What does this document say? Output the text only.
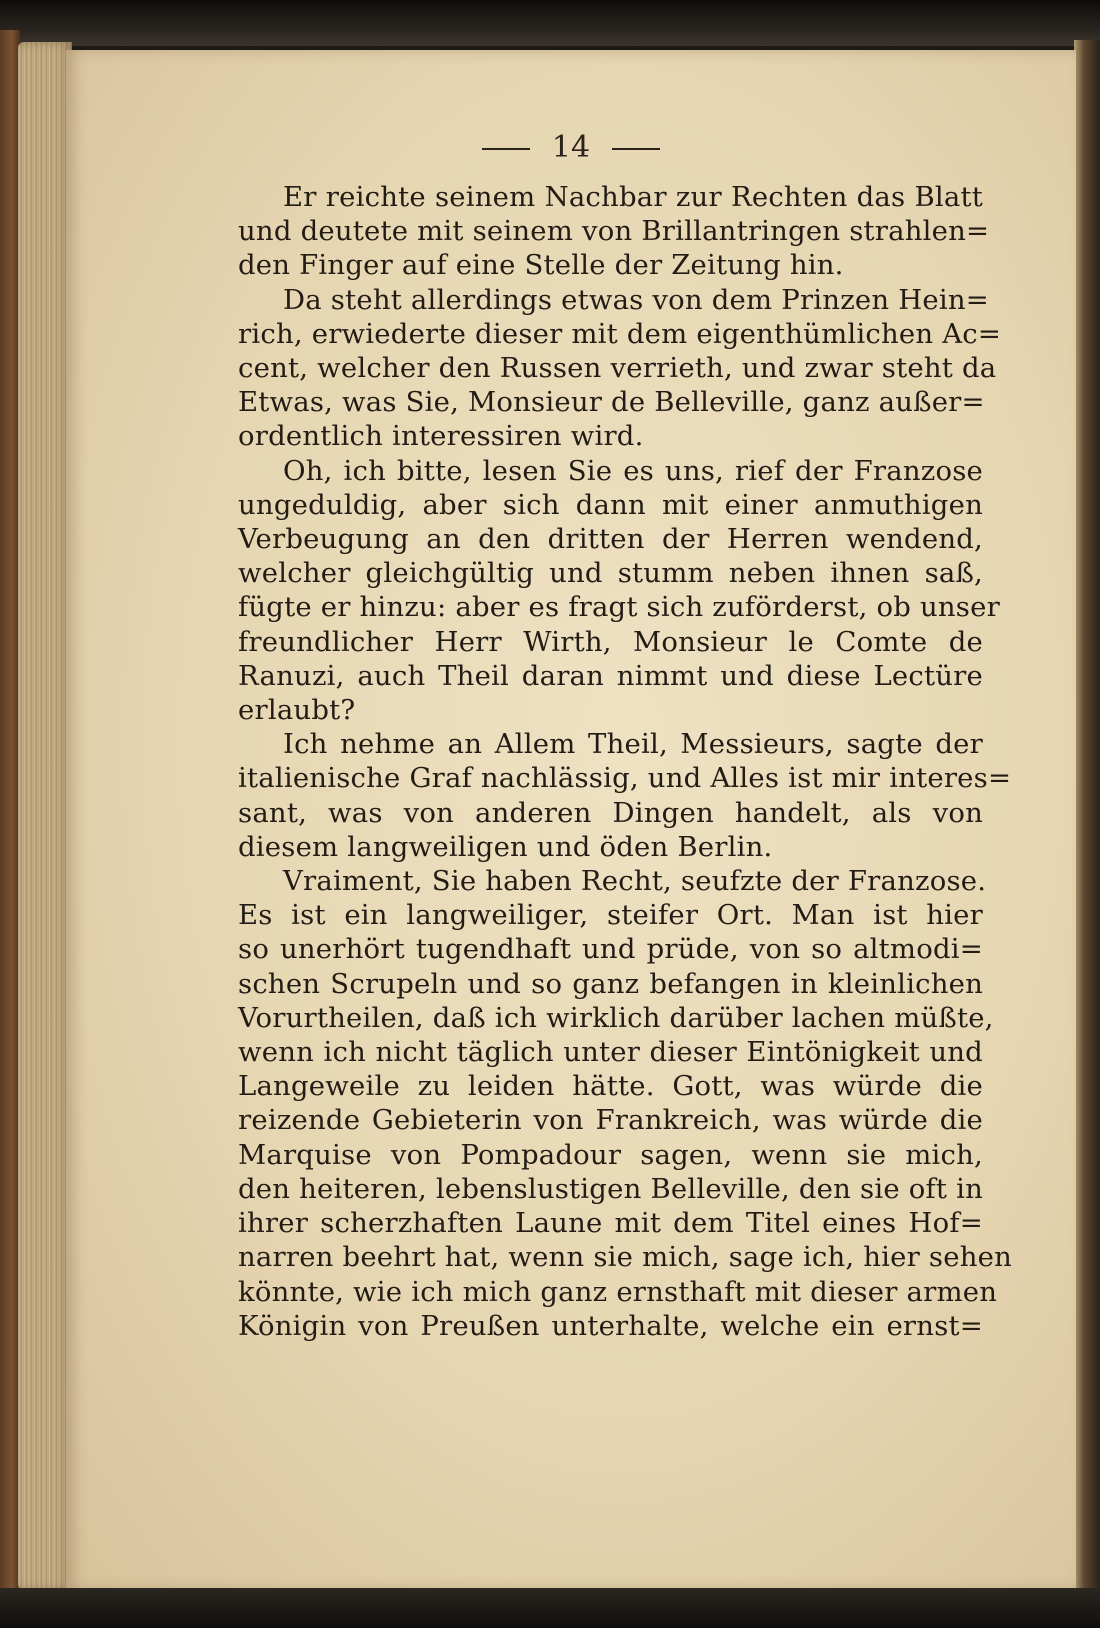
14
Er reichte seinem Nachbar zur Rechten das Blatt
und deutete mit seinem von Brillantringen strahlen=
den Finger auf eine Stelle der Zeitung hin.
Da steht allerdings etwas von dem Prinzen Hein=
rich, erwiederte dieser mit dem eigenthümlichen Ac=
cent, welcher den Russen verrieth, und zwar steht da
Etwas, was Sie, Monsieur de Belleville, ganz außer=
ordentlich interessiren wird.
Oh, ich bitte, lesen Sie es uns, rief der Franzose
ungeduldig, aber sich dann mit einer anmuthigen
Verbeugung an den dritten der Herren wendend,
welcher gleichgültig und stumm neben ihnen saß,
fügte er hinzu: aber es fragt sich zuförderst, ob unser
freundlicher Herr Wirth, Monsieur le Comte de
Ranuzi, auch Theil daran nimmt und diese Lectüre
erlaubt?
Ich nehme an Allem Theil, Messieurs, sagte der
italienische Graf nachlässig, und Alles ist mir interes=
sant, was von anderen Dingen handelt, als von
diesem langweiligen und öden Berlin.
Vraiment, Sie haben Recht, seufzte der Franzose.
Es ist ein langweiliger, steifer Ort. Man ist hier
so unerhört tugendhaft und prüde, von so altmodi=
schen Scrupeln und so ganz befangen in kleinlichen
Vorurtheilen, daß ich wirklich darüber lachen müßte,
wenn ich nicht täglich unter dieser Eintönigkeit und
Langeweile zu leiden hätte. Gott, was würde die
reizende Gebieterin von Frankreich, was würde die
Marquise von Pompadour sagen, wenn sie mich,
den heiteren, lebenslustigen Belleville, den sie oft in
ihrer scherzhaften Laune mit dem Titel eines Hof=
narren beehrt hat, wenn sie mich, sage ich, hier sehen
könnte, wie ich mich ganz ernsthaft mit dieser armen
Königin von Preußen unterhalte, welche ein ernst=
